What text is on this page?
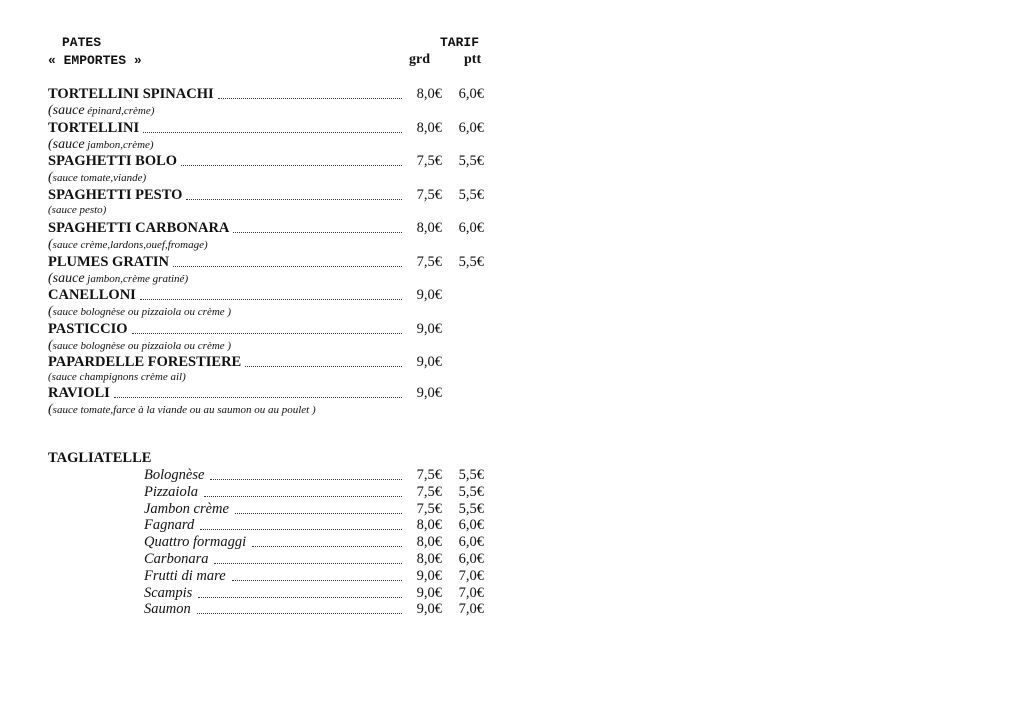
PATES	TARIF
« EMPORTES »	grd ptt
TORTELLINI SPINACHI	8,0€	6,0€
(sauce épinard,crème)
TORTELLINI	8,0€	6,0€
(sauce jambon,crème)
SPAGHETTI BOLO	7,5€	5,5€
(sauce tomate,viande)
SPAGHETTI PESTO	7,5€	5,5€
(sauce pesto)
SPAGHETTI CARBONARA	8,0€	6,0€
(sauce crème,lardons,ouef,fromage)
PLUMES GRATIN	7,5€	5,5€
(sauce jambon,crème gratiné)
CANELLONI	9,0€
(sauce bolognèse ou pizzaiola ou crème )
PASTICCIO	9,0€
(sauce bolognèse ou pizzaiola ou crème )
PAPARDELLE FORESTIERE	9,0€
(sauce champignons crème ail)
RAVIOLI	9,0€
(sauce tomate,farce à la viande ou au saumon ou au poulet )
TAGLIATELLE
Bolognèse	7,5€	5,5€
Pizzaiola	7,5€	5,5€
Jambon crème	7,5€	5,5€
Fagnard	8,0€	6,0€
Quattro formaggi	8,0€	6,0€
Carbonara	8,0€	6,0€
Frutti di mare	9,0€	7,0€
Scampis	9,0€	7,0€
Saumon	9,0€	7,0€
